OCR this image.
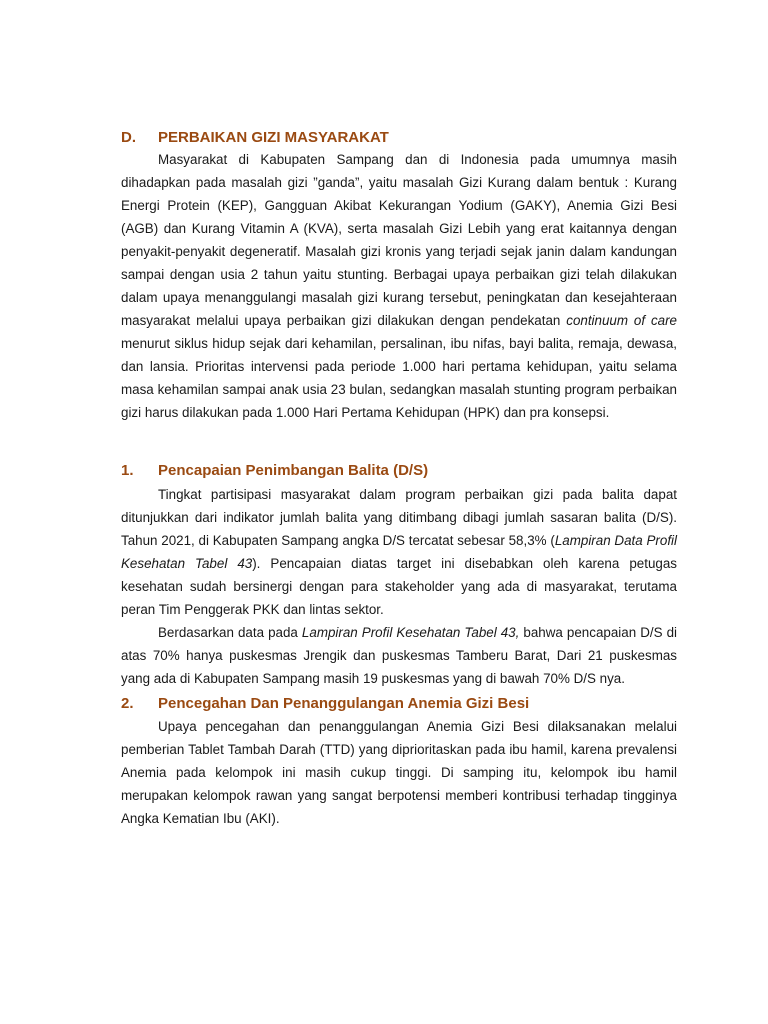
D.	PERBAIKAN GIZI MASYARAKAT

Masyarakat di Kabupaten Sampang dan di Indonesia pada umumnya masih dihadapkan pada masalah gizi ”ganda”, yaitu masalah Gizi Kurang dalam bentuk : Kurang Energi Protein (KEP), Gangguan Akibat Kekurangan Yodium (GAKY), Anemia Gizi Besi (AGB) dan Kurang Vitamin A (KVA), serta masalah Gizi Lebih yang erat kaitannya dengan penyakit-penyakit degeneratif. Masalah gizi kronis yang terjadi sejak janin dalam kandungan sampai dengan usia 2 tahun yaitu stunting. Berbagai upaya perbaikan gizi telah dilakukan dalam upaya menanggulangi masalah gizi kurang tersebut, peningkatan dan kesejahteraan masyarakat melalui upaya perbaikan gizi dilakukan dengan pendekatan continuum of care menurut siklus hidup sejak dari kehamilan, persalinan, ibu nifas, bayi balita, remaja, dewasa, dan lansia. Prioritas intervensi pada periode 1.000 hari pertama kehidupan, yaitu selama masa kehamilan sampai anak usia 23 bulan, sedangkan masalah stunting program perbaikan gizi harus dilakukan pada 1.000 Hari Pertama Kehidupan (HPK) dan pra konsepsi.

1.	Pencapaian Penimbangan Balita (D/S)

Tingkat partisipasi masyarakat dalam program perbaikan gizi pada balita dapat ditunjukkan dari indikator jumlah balita yang ditimbang dibagi jumlah sasaran balita (D/S). Tahun 2021, di Kabupaten Sampang angka D/S tercatat sebesar 58,3% (Lampiran Data Profil Kesehatan Tabel 43). Pencapaian diatas target ini disebabkan oleh karena petugas kesehatan sudah bersinergi dengan para stakeholder yang ada di masyarakat, terutama peran Tim Penggerak PKK dan lintas sektor.

Berdasarkan data pada Lampiran Profil Kesehatan Tabel 43, bahwa pencapaian D/S di atas 70% hanya puskesmas Jrengik dan puskesmas Tamberu Barat, Dari 21 puskesmas yang ada di Kabupaten Sampang masih 19 puskesmas yang di bawah 70% D/S nya.

2.	Pencegahan Dan Penanggulangan Anemia Gizi Besi

Upaya pencegahan dan penanggulangan Anemia Gizi Besi dilaksanakan melalui pemberian Tablet Tambah Darah (TTD) yang diprioritaskan pada ibu hamil, karena prevalensi Anemia pada kelompok ini masih cukup tinggi. Di samping itu, kelompok ibu hamil merupakan kelompok rawan yang sangat berpotensi memberi kontribusi terhadap tingginya Angka Kematian Ibu (AKI).
